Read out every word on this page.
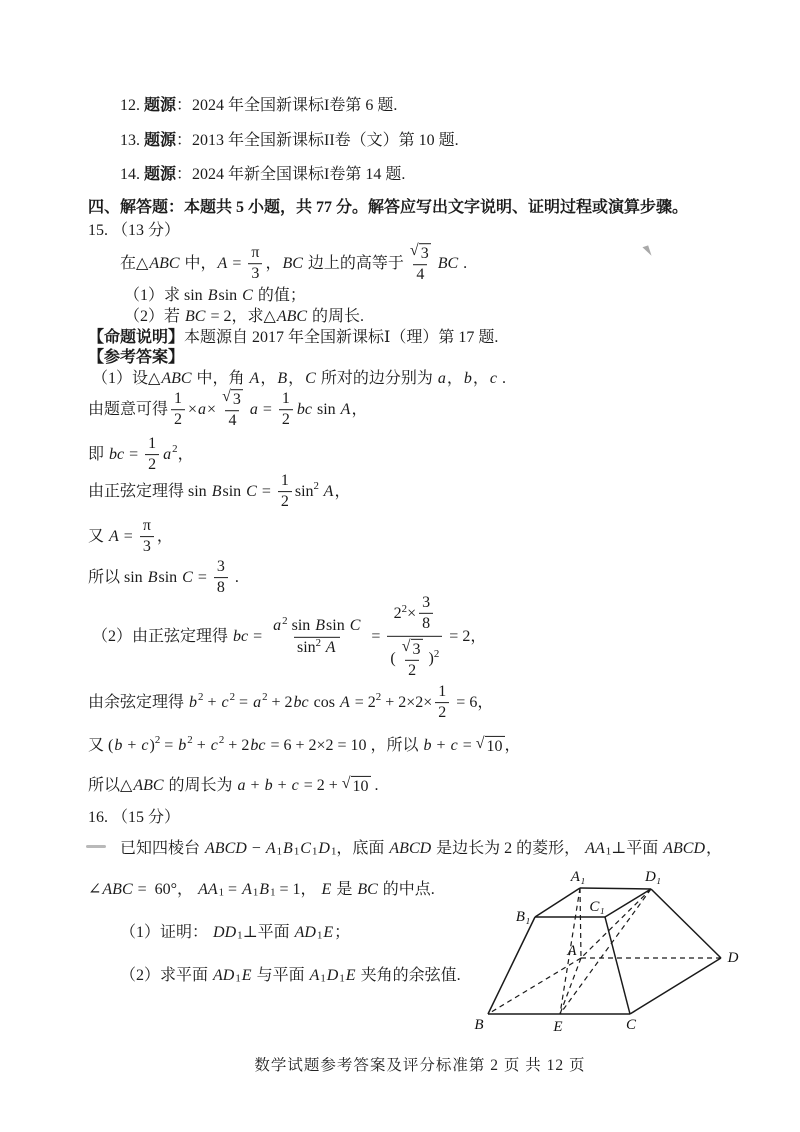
12. 题源 ：2024 年全国新课标I卷第 6 题.
13. 题源 ：2013 年全国新课标II卷（文）第 10 题.
14. 题源 ：2024 年新全国课标I卷第 14 题.
四、解答题：本题共 5 小题，共 77 分。解答应写出文字说明、证明过程或演算步骤。
15. （13 分）
在△ ABC 中， $A = \frac{\pi}{3}$ ， BC 边上的高等于 $\frac{√ 3}{4}$ BC .
（1）求 sin B sin C 的值；
（2）若 BC = 2，求△ ABC 的周长.
【命题说明】 本题源自 2017 年全国新课标Ⅰ（理）第 17 题.
【参考答案】
（1）设△ ABC 中，角 A ， B ， C 所对的边分别为 a ， b ， c .
由题意可得 $\frac{1}{2} \times a \times \frac{√ 3}{4}$ $a = \frac{1}{2}$ bc sin A ，
即 bc = $\frac{1}{2}$ a 2 ，
由正弦定理得 sin B $\sin C = \frac{1}{2}$ sin 2 A ，
又 $A = \frac{\pi}{3}$ ，
所以 sin B $\sin C = \frac{3}{8}$ .
（2）由正弦定理得 bc = $\frac{\text{a 2 sin B sin C}}{\sin 2 A} = \frac{2 2 \times \frac{3}{8}}{( \frac{√ 3}{2} ) 2} = 2$，
由余弦定理得 b 2 + c 2 = a 2 + 2 bc cos A = 2 $2 + 2\times 2\times \frac{1}{2} = 6$，
又 ( b + c ) 2 = b 2 + c 2 + 2 bc = 6 + 2×2 = 10 ，所以 b + c = √ 10 ，
所以△ ABC 的周长为 a + b + c = 2 + √ 10 .
16. （15 分）
已知四棱台 ABCD − A 1 B 1 C 1 D 1 ，底面 ABCD 是边长为 2 的菱形， AA 1 ⊥平面 ABCD ，
∠ ABC =  60°， AA 1 = A 1 B 1 = 1， E 是 BC 的中点.
（1）证明： DD 1 ⊥平面 AD 1 E ；
（2）求平面 AD 1 E 与平面 A 1 D 1 E 夹角的余弦值.
A₁	D₁
B₁
C₁
A	D
B	E	C
数学试题参考答案及评分标准第 2 页 共 12 页
